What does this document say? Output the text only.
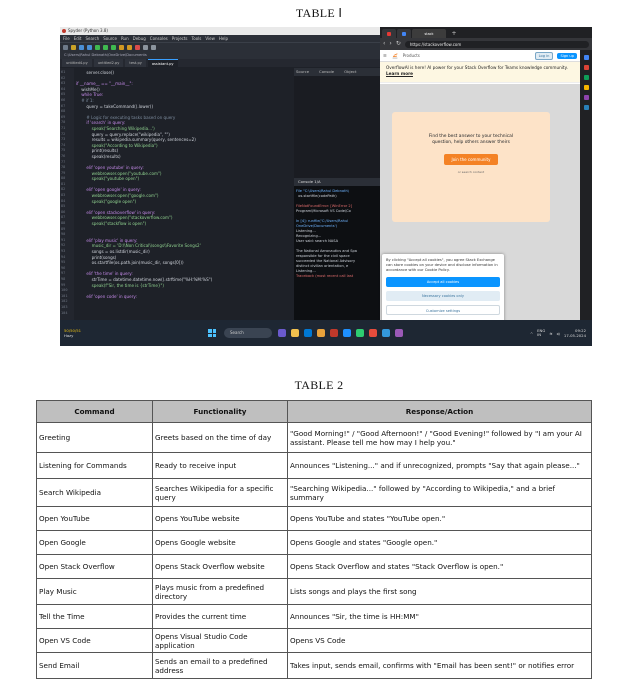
TABLE Ⅰ
Spyder (Python 3.8)
File Edit Search Source Run Debug Consoles Projects Tools View Help
C:\Users\Rahul Debnath\OneDrive\Documents
untitled4.py	untitled2.py	test.py	assistant.py
61
62
63
64
65
66
67
68
69
70
71
72
73
74
75
76
77
78
79
80
81
82
83
84
85
86
87
88
89
90
91
92
93
94
95
96
97
98
99
100
101
102
103
104
server.close()

if __name__ == "__main__":
wishMe()
while True:
# if 1:
query = takeCommand().lower()

# Logic for executing tasks based on query
if 'search' in query:
speak('Searching Wikipedia...')
query = query.replace("wikipedia", "")
results = wikipedia.summary(query, sentences=2)
speak("According to Wikipedia")
print(results)
speak(results)

elif 'open youtube' in query:
webbrowser.open("youtube.com")
speak("youtube open")

elif 'open google' in query:
webbrowser.open("google.com")
speak("google open")

elif 'open stackoverflow' in query:
webbrowser.open("stackoverflow.com")
speak("stackflow is open")

elif 'play music' in query:
music_dir = 'D:\\Non Critical\\songs\\Favorite Songs2'
songs = os.listdir(music_dir)
print(songs)
os.startfile(os.path.join(music_dir, songs[0]))

elif 'the time' in query:
strTime = datetime.datetime.now().strftime("%H:%M:%S")
speak(f"Sir, the time is {strTime}")

elif 'open code' in query:
Source	Console	Object
Console 1/A
File "C:\Users\Rahul Debnath\
os.startfile(codePath)

FileNotFoundError: [WinError 2]
Program\Microsoft VS Code\Co

In [4]: runfile('C:/Users/Rahul
OneDrive/Documents')
Listening...
Recognizing...
User said: search NASA

The National Aeronautics and Spa
responsible for the civil space
succeeded the National Advisory
distinct civilian orientation, e
Listening...
Traceback (most recent call last
stack	+
‹ › ↻	https://stackoverflow.com
☰	Products	Log in	Sign up
OverflowAI is here! AI power for your Stack Overflow for Teams knowledge community. Learn more
Find the best answer to your technical question, help others answer theirs
Join the community
or search content
By clicking "Accept all cookies", you agree Stack Exchange can store cookies on your device and disclose information in accordance with our Cookie Policy.
Accept all cookies
Necessary cookies only
Customize settings
50/50/51
Hazy
Search	^
ENG
IN	≋ ◂)	09:22
17-05-2024
TABLE 2
Command	Functionality	Response/Action
Greeting	Greets based on the time of day	"Good Morning!" / "Good Afternoon!" / "Good Evening!" followed by "I am your AI assistant. Please tell me how may I help you."
Listening for Commands	Ready to receive input	Announces "Listening..." and if unrecognized, prompts "Say that again please..."
Search Wikipedia	Searches Wikipedia for a specific query	"Searching Wikipedia..." followed by "According to Wikipedia," and a brief summary
Open YouTube	Opens YouTube website	Opens YouTube and states "YouTube open."
Open Google	Opens Google website	Opens Google and states "Google open."
Open Stack Overflow	Opens Stack Overflow website	Opens Stack Overflow and states "Stack Overflow is open."
Play Music	Plays music from a predefined directory	Lists songs and plays the first song
Tell the Time	Provides the current time	Announces "Sir, the time is HH:MM"
Open VS Code	Opens Visual Studio Code application	Opens VS Code
Send Email	Sends an email to a predefined address	Takes input, sends email, confirms with "Email has been sent!" or notifies error
